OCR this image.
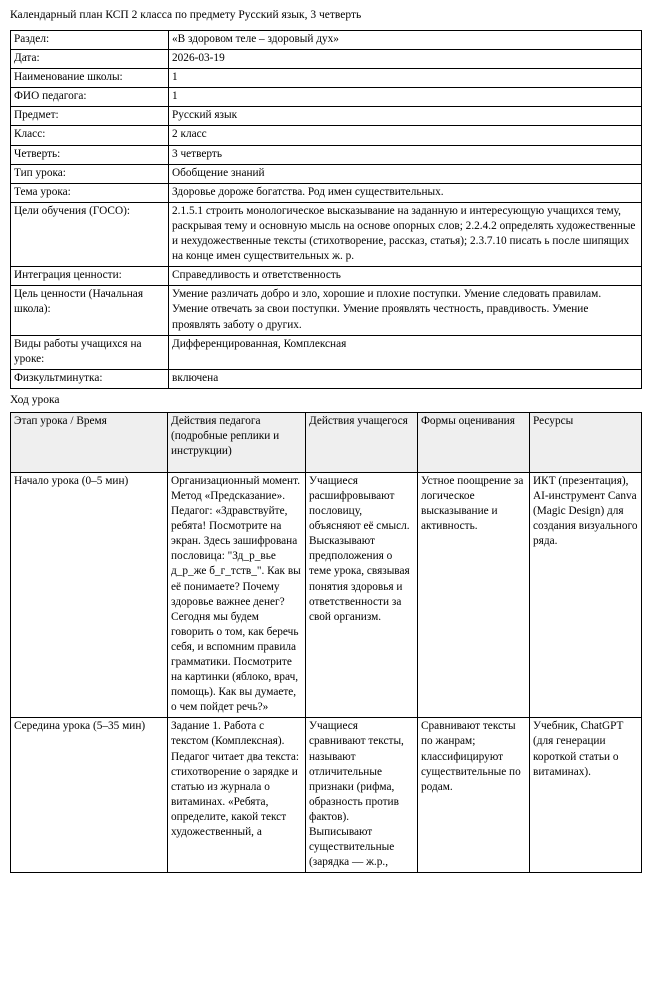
Календарный план КСП 2 класса по предмету Русский язык, 3 четверть
Раздел:	«В здоровом теле – здоровый дух»
Дата:	2026-03-19
Наименование школы:	1
ФИО педагога:	1
Предмет:	Русский язык
Класс:	2 класс
Четверть:	3 четверть
Тип урока:	Обобщение знаний
Тема урока:	Здоровье дороже богатства. Род имен существительных.
Цели обучения (ГОСО):	2.1.5.1 строить монологическое высказывание на заданную и интересующую учащихся тему, раскрывая тему и основную мысль на основе опорных слов; 2.2.4.2 определять художественные и нехудожественные тексты (стихотворение, рассказ, статья); 2.3.7.10 писать ь после шипящих на конце имен существительных ж. р.
Интеграция ценности:	Справедливость и ответственность
Цель ценности (Начальная школа):	Умение различать добро и зло, хорошие и плохие поступки. Умение следовать правилам. Умение отвечать за свои поступки. Умение проявлять честность, правдивость. Умение проявлять заботу о других.
Виды работы учащихся на уроке:	Дифференцированная, Комплексная
Физкультминутка:	включена
Ход урока
Этап урока / Время	Действия педагога (подробные реплики и инструкции)	Действия учащегося	Формы оценивания	Ресурсы
Начало урока (0–5 мин)	Организационный момент. Метод «Предсказание». Педагог: «Здравствуйте, ребята! Посмотрите на экран. Здесь зашифрована пословица: "Зд_р_вье д_р_же б_г_тств_". Как вы её понимаете? Почему здоровье важнее денег? Сегодня мы будем говорить о том, как беречь себя, и вспомним правила грамматики. Посмотрите на картинки (яблоко, врач, помощь). Как вы думаете, о чем пойдет речь?»	Учащиеся расшифровывают пословицу, объясняют её смысл. Высказывают предположения о теме урока, связывая понятия здоровья и ответственности за свой организм.	Устное поощрение за логическое высказывание и активность.	ИКТ (презентация), AI-инструмент Canva (Magic Design) для создания визуального ряда.
Середина урока (5–35 мин)	Задание 1. Работа с текстом (Комплексная). Педагог читает два текста: стихотворение о зарядке и статью из журнала о витаминах. «Ребята, определите, какой текст художественный, а	Учащиеся сравнивают тексты, называют отличительные признаки (рифма, образность против фактов). Выписывают существительные (зарядка — ж.р.,	Сравнивают тексты по жанрам; классифицируют существительные по родам.	Учебник, ChatGPT (для генерации короткой статьи о витаминах).
